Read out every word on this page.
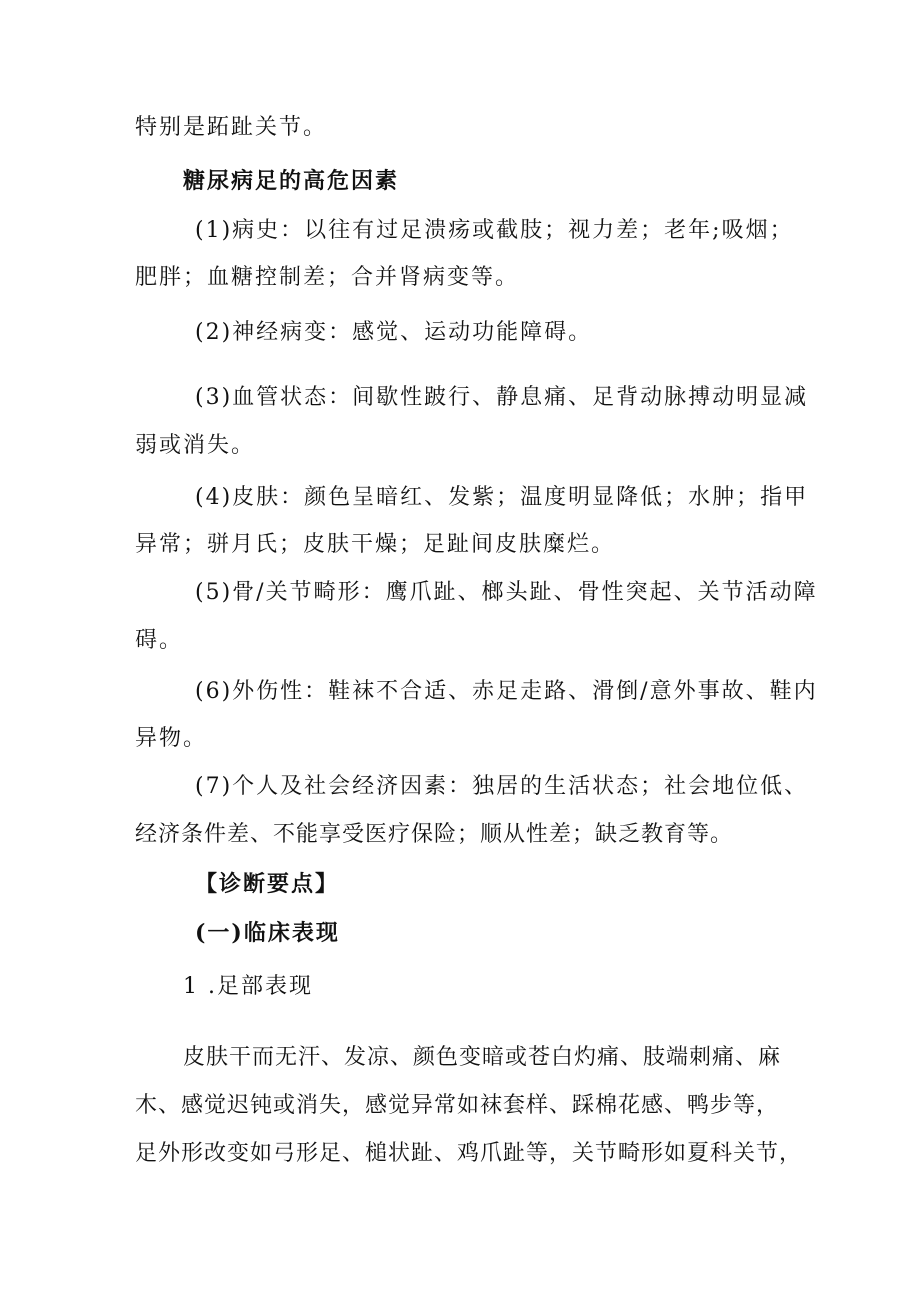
特别是跖趾关节。
糖尿病足的高危因素
(1)病史：以往有过足溃疡或截肢；视力差；老年;吸烟；
肥胖；血糖控制差；合并肾病变等。
(2)神经病变：感觉、运动功能障碍。
(3)血管状态：间歇性跛行、静息痛、足背动脉搏动明显减
弱或消失。
(4)皮肤：颜色呈暗红、发紫；温度明显降低；水肿；指甲
异常；骈月氏；皮肤干燥；足趾间皮肤糜烂。
(5)骨/关节畸形：鹰爪趾、榔头趾、骨性突起、关节活动障
碍。
(6)外伤性：鞋袜不合适、赤足走路、滑倒/意外事故、鞋内
异物。
(7)个人及社会经济因素：独居的生活状态；社会地位低、
经济条件差、不能享受医疗保险；顺从性差；缺乏教育等。
【诊断要点】
(一)临床表现
1 .足部表现
皮肤干而无汗、发凉、颜色变暗或苍白灼痛、肢端刺痛、麻
木、感觉迟钝或消失，感觉异常如袜套样、踩棉花感、鸭步等，
足外形改变如弓形足、槌状趾、鸡爪趾等，关节畸形如夏科关节，
